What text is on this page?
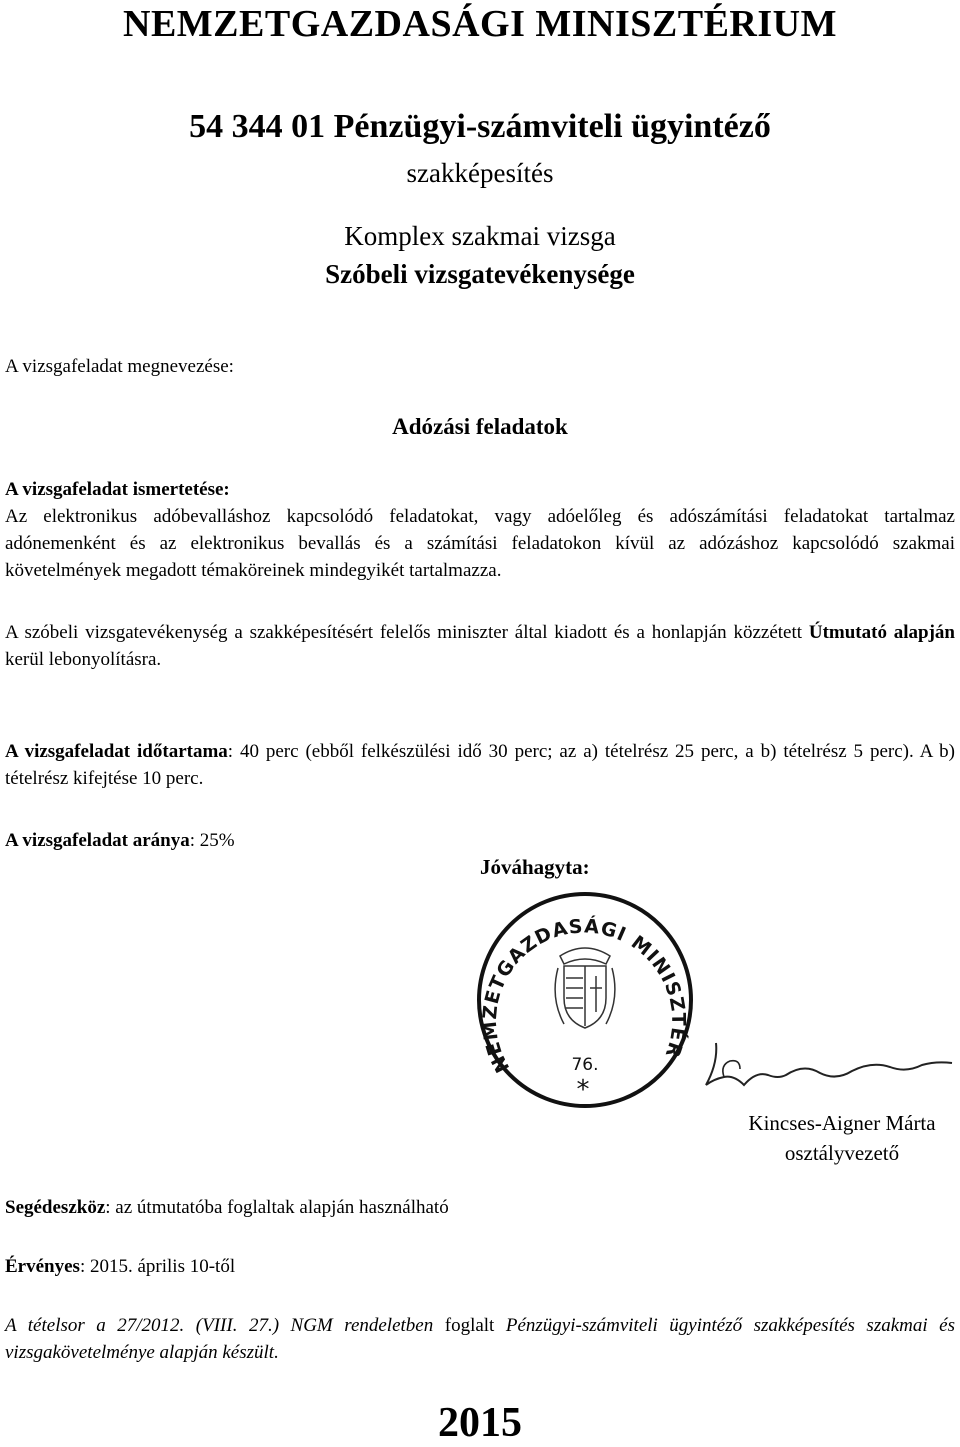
NEMZETGAZDASÁGI MINISZTÉRIUM
54 344 01 Pénzügyi-számviteli ügyintéző
szakképesítés
Komplex szakmai vizsga
Szóbeli vizsgatevékenysége

A vizsgafeladat megnevezése:

Adózási feladatok

A vizsgafeladat ismertetése:

Az elektronikus adóbevalláshoz kapcsolódó feladatokat, vagy adóelőleg és adószámítási feladatokat tartalmaz adónemenként és az elektronikus bevallás és a számítási feladatokon kívül az adózáshoz kapcsolódó szakmai követelmények megadott témaköreinek mindegyikét tartalmazza.

A szóbeli vizsgatevékenység a szakképesítésért felelős miniszter által kiadott és a honlapján közzétett Útmutató alapján kerül lebonyolításra.

A vizsgafeladat időtartama: 40 perc (ebből felkészülési idő 30 perc; az a) tételrész 25 perc, a b) tételrész 5 perc). A b) tételrész kifejtése 10 perc.

A vizsgafeladat aránya: 25%

Jóváhagyta:
NEMZETGAZDASÁGI MINISZTÉR
76.
*
Kincses-Aigner Márta
osztályvezető

Segédeszköz: az útmutatóba foglaltak alapján használható

Érvényes: 2015. április 10-től

A tételsor a 27/2012. (VIII. 27.) NGM rendeletben foglalt Pénzügyi-számviteli ügyintéző szakképesítés szakmai és vizsgakövetelménye alapján készült.

2015
